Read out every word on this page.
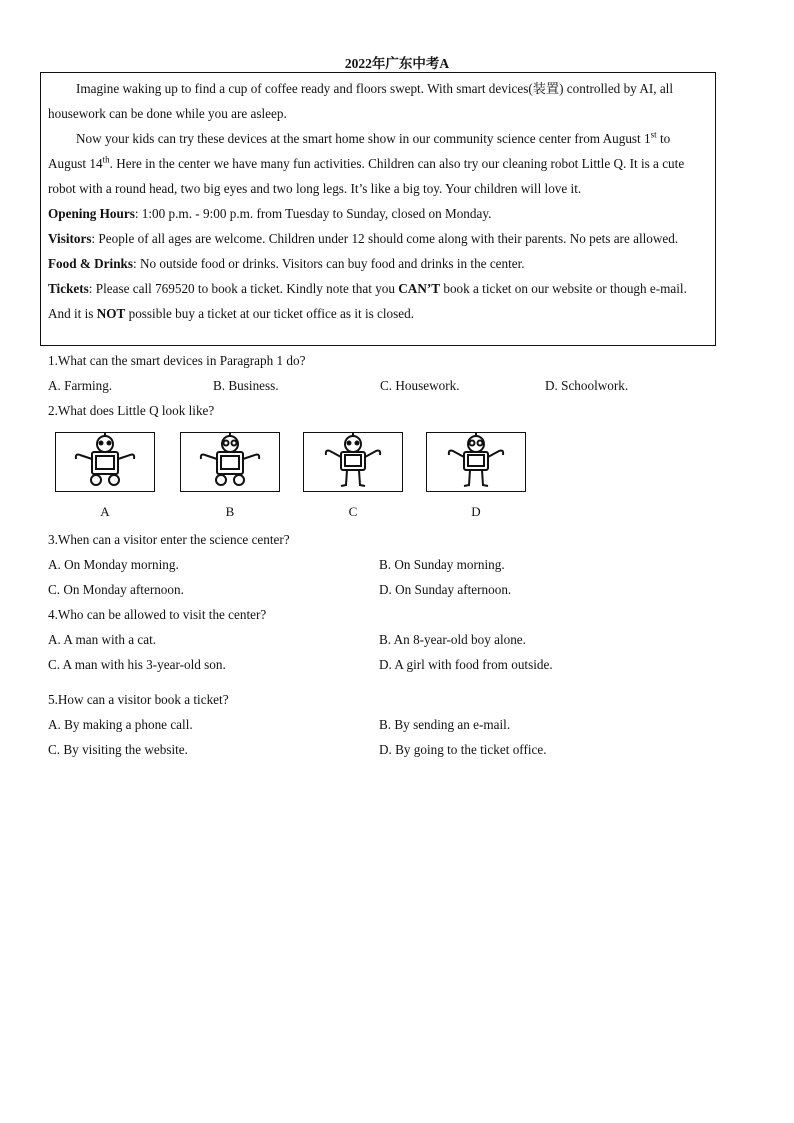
2022年广东中考A

Imagine waking up to find a cup of coffee ready and floors swept. With smart devices(装置) controlled by AI, all housework can be done while you are asleep.

Now your kids can try these devices at the smart home show in our community science center from August 1st to August 14th. Here in the center we have many fun activities. Children can also try our cleaning robot Little Q. It is a cute robot with a round head, two big eyes and two long legs. It’s like a big toy. Your children will love it.

Opening Hours: 1:00 p.m. - 9:00 p.m. from Tuesday to Sunday, closed on Monday.

Visitors: People of all ages are welcome. Children under 12 should come along with their parents. No pets are allowed.

Food & Drinks: No outside food or drinks. Visitors can buy food and drinks in the center.

Tickets: Please call 769520 to book a ticket. Kindly note that you CAN’T book a ticket on our website or though e-mail. And it is NOT possible buy a ticket at our ticket office as it is closed.

1.What can the smart devices in Paragraph 1 do?
A. Farming.	B. Business.	C. Housework.	D. Schoolwork.
2.What does Little Q look like?
A	B	C	D
3.When can a visitor enter the science center?
A. On Monday morning.	B. On Sunday morning.
C. On Monday afternoon.	D. On Sunday afternoon.
4.Who can be allowed to visit the center?
A. A man with a cat.	B. An 8-year-old boy alone.
C. A man with his 3-year-old son.	D. A girl with food from outside.
5.How can a visitor book a ticket?
A. By making a phone call.	B. By sending an e-mail.
C. By visiting the website.	D. By going to the ticket office.
